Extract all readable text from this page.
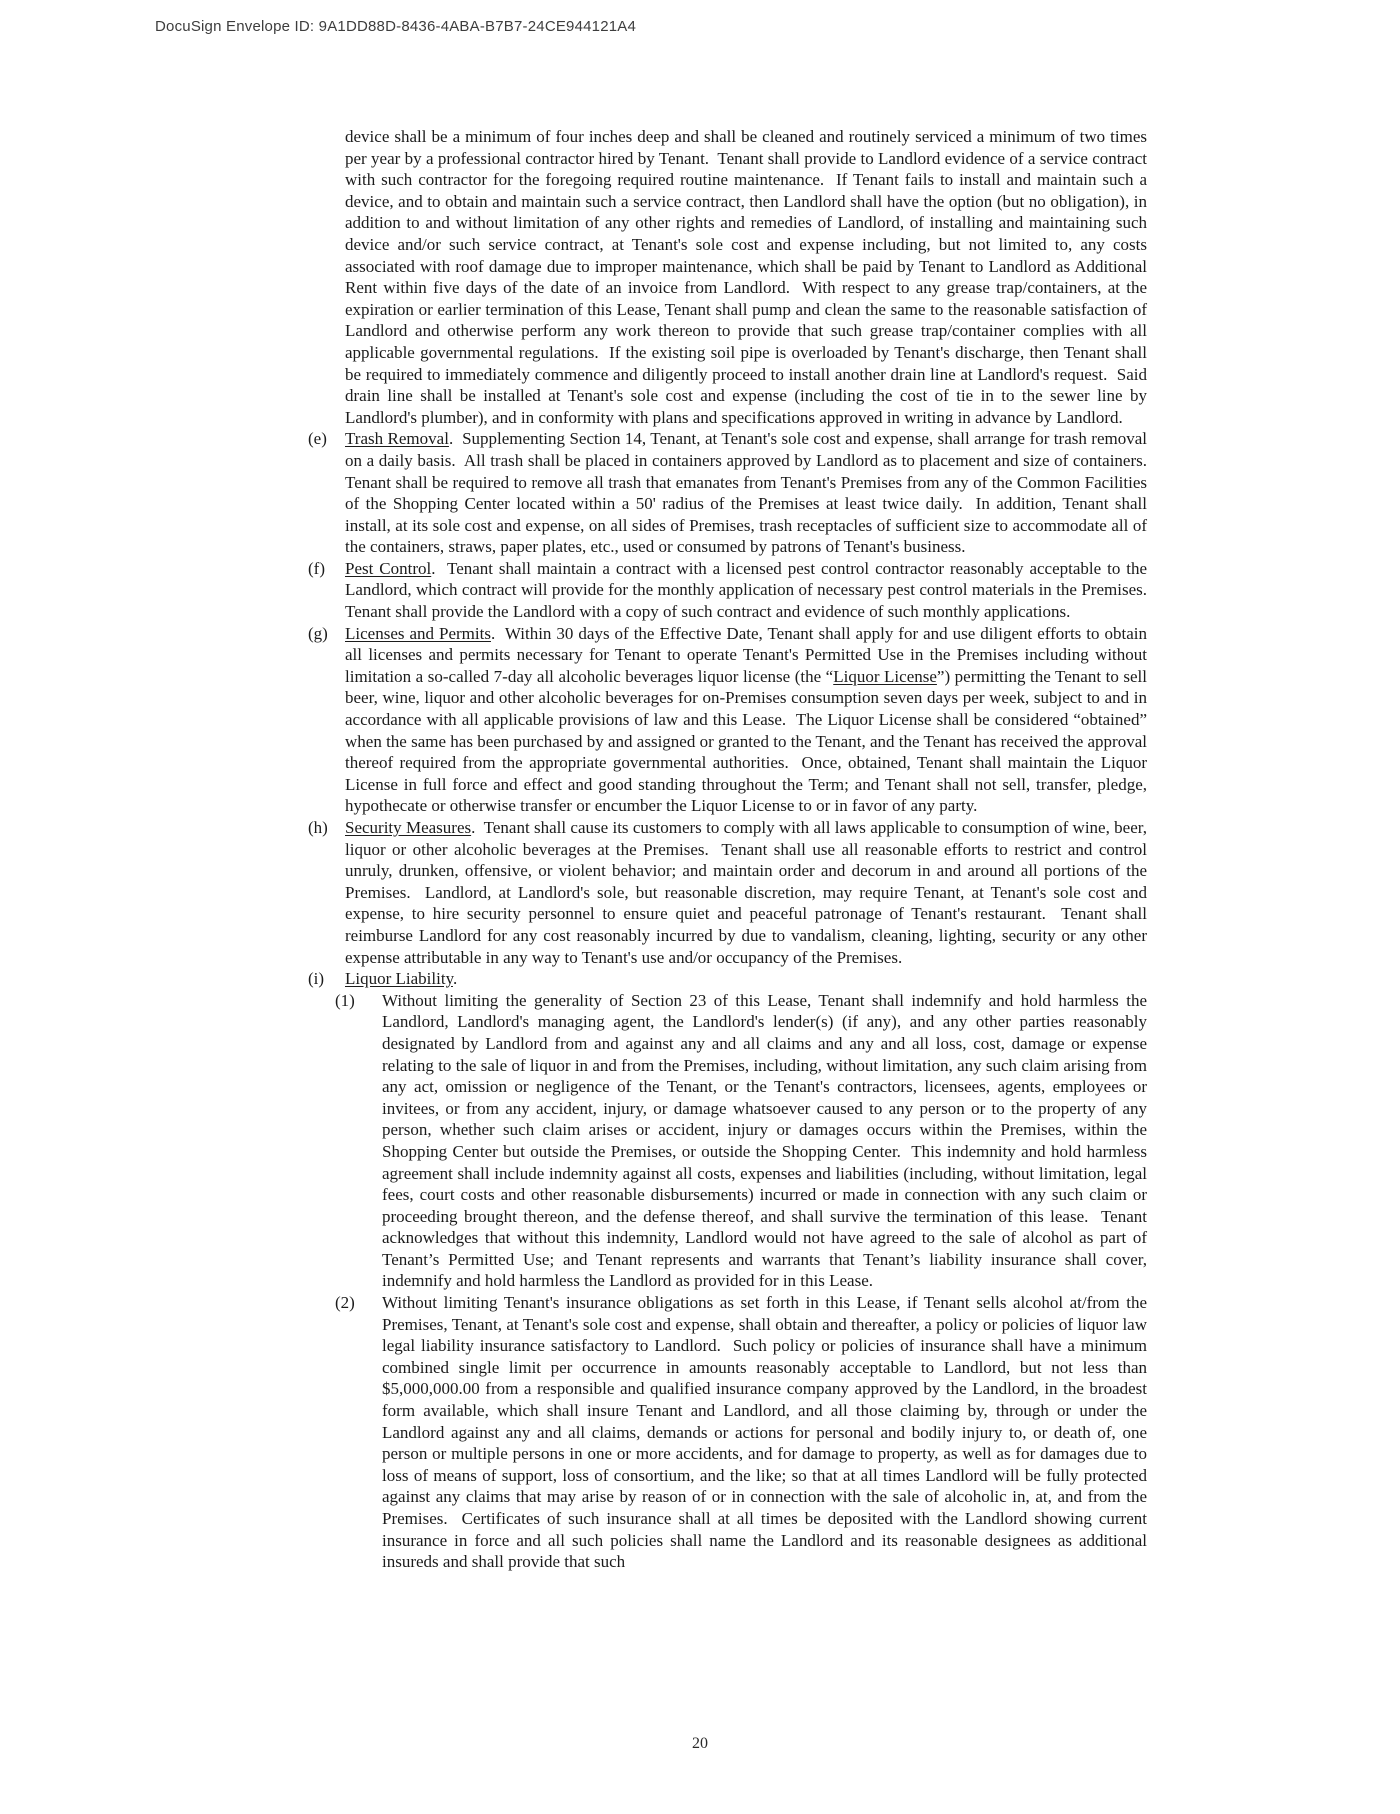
DocuSign Envelope ID: 9A1DD88D-8436-4ABA-B7B7-24CE944121A4

device shall be a minimum of four inches deep and shall be cleaned and routinely serviced a minimum of two times per year by a professional contractor hired by Tenant.  Tenant shall provide to Landlord evidence of a service contract with such contractor for the foregoing required routine maintenance.  If Tenant fails to install and maintain such a device, and to obtain and maintain such a service contract, then Landlord shall have the option (but no obligation), in addition to and without limitation of any other rights and remedies of Landlord, of installing and maintaining such device and/or such service contract, at Tenant's sole cost and expense including, but not limited to, any costs associated with roof damage due to improper maintenance, which shall be paid by Tenant to Landlord as Additional Rent within five days of the date of an invoice from Landlord.  With respect to any grease trap/containers, at the expiration or earlier termination of this Lease, Tenant shall pump and clean the same to the reasonable satisfaction of Landlord and otherwise perform any work thereon to provide that such grease trap/container complies with all applicable governmental regulations.  If the existing soil pipe is overloaded by Tenant's discharge, then Tenant shall be required to immediately commence and diligently proceed to install another drain line at Landlord's request.  Said drain line shall be installed at Tenant's sole cost and expense (including the cost of tie in to the sewer line by Landlord's plumber), and in conformity with plans and specifications approved in writing in advance by Landlord.

(e)	Trash Removal.  Supplementing Section 14, Tenant, at Tenant's sole cost and expense, shall arrange for trash removal on a daily basis.  All trash shall be placed in containers approved by Landlord as to placement and size of containers.  Tenant shall be required to remove all trash that emanates from Tenant's Premises from any of the Common Facilities of the Shopping Center located within a 50' radius of the Premises at least twice daily.  In addition, Tenant shall install, at its sole cost and expense, on all sides of Premises, trash receptacles of sufficient size to accommodate all of the containers, straws, paper plates, etc., used or consumed by patrons of Tenant's business.
(f)	Pest Control.  Tenant shall maintain a contract with a licensed pest control contractor reasonably acceptable to the Landlord, which contract will provide for the monthly application of necessary pest control materials in the Premises.  Tenant shall provide the Landlord with a copy of such contract and evidence of such monthly applications.
(g)	Licenses and Permits.  Within 30 days of the Effective Date, Tenant shall apply for and use diligent efforts to obtain all licenses and permits necessary for Tenant to operate Tenant's Permitted Use in the Premises including without limitation a so-called 7-day all alcoholic beverages liquor license (the “Liquor License”) permitting the Tenant to sell beer, wine, liquor and other alcoholic beverages for on-Premises consumption seven days per week, subject to and in accordance with all applicable provisions of law and this Lease.  The Liquor License shall be considered “obtained” when the same has been purchased by and assigned or granted to the Tenant, and the Tenant has received the approval thereof required from the appropriate governmental authorities.  Once, obtained, Tenant shall maintain the Liquor License in full force and effect and good standing throughout the Term; and Tenant shall not sell, transfer, pledge, hypothecate or otherwise transfer or encumber the Liquor License to or in favor of any party.
(h)	Security Measures.  Tenant shall cause its customers to comply with all laws applicable to consumption of wine, beer, liquor or other alcoholic beverages at the Premises.  Tenant shall use all reasonable efforts to restrict and control unruly, drunken, offensive, or violent behavior; and maintain order and decorum in and around all portions of the Premises.  Landlord, at Landlord's sole, but reasonable discretion, may require Tenant, at Tenant's sole cost and expense, to hire security personnel to ensure quiet and peaceful patronage of Tenant's restaurant.  Tenant shall reimburse Landlord for any cost reasonably incurred by due to vandalism, cleaning, lighting, security or any other expense attributable in any way to Tenant's use and/or occupancy of the Premises.
(i)	Liquor Liability.
(1)	Without limiting the generality of Section 23 of this Lease, Tenant shall indemnify and hold harmless the Landlord, Landlord's managing agent, the Landlord's lender(s) (if any), and any other parties reasonably designated by Landlord from and against any and all claims and any and all loss, cost, damage or expense relating to the sale of liquor in and from the Premises, including, without limitation, any such claim arising from any act, omission or negligence of the Tenant, or the Tenant's contractors, licensees, agents, employees or invitees, or from any accident, injury, or damage whatsoever caused to any person or to the property of any person, whether such claim arises or accident, injury or damages occurs within the Premises, within the Shopping Center but outside the Premises, or outside the Shopping Center.  This indemnity and hold harmless agreement shall include indemnity against all costs, expenses and liabilities (including, without limitation, legal fees, court costs and other reasonable disbursements) incurred or made in connection with any such claim or proceeding brought thereon, and the defense thereof, and shall survive the termination of this lease.  Tenant acknowledges that without this indemnity, Landlord would not have agreed to the sale of alcohol as part of Tenant’s Permitted Use; and Tenant represents and warrants that Tenant’s liability insurance shall cover, indemnify and hold harmless the Landlord as provided for in this Lease.
(2)	Without limiting Tenant's insurance obligations as set forth in this Lease, if Tenant sells alcohol at/from the Premises, Tenant, at Tenant's sole cost and expense, shall obtain and thereafter, a policy or policies of liquor law legal liability insurance satisfactory to Landlord.  Such policy or policies of insurance shall have a minimum combined single limit per occurrence in amounts reasonably acceptable to Landlord, but not less than $5,000,000.00 from a responsible and qualified insurance company approved by the Landlord, in the broadest form available, which shall insure Tenant and Landlord, and all those claiming by, through or under the Landlord against any and all claims, demands or actions for personal and bodily injury to, or death of, one person or multiple persons in one or more accidents, and for damage to property, as well as for damages due to loss of means of support, loss of consortium, and the like; so that at all times Landlord will be fully protected against any claims that may arise by reason of or in connection with the sale of alcoholic in, at, and from the Premises.  Certificates of such insurance shall at all times be deposited with the Landlord showing current insurance in force and all such policies shall name the Landlord and its reasonable designees as additional insureds and shall provide that such
20
